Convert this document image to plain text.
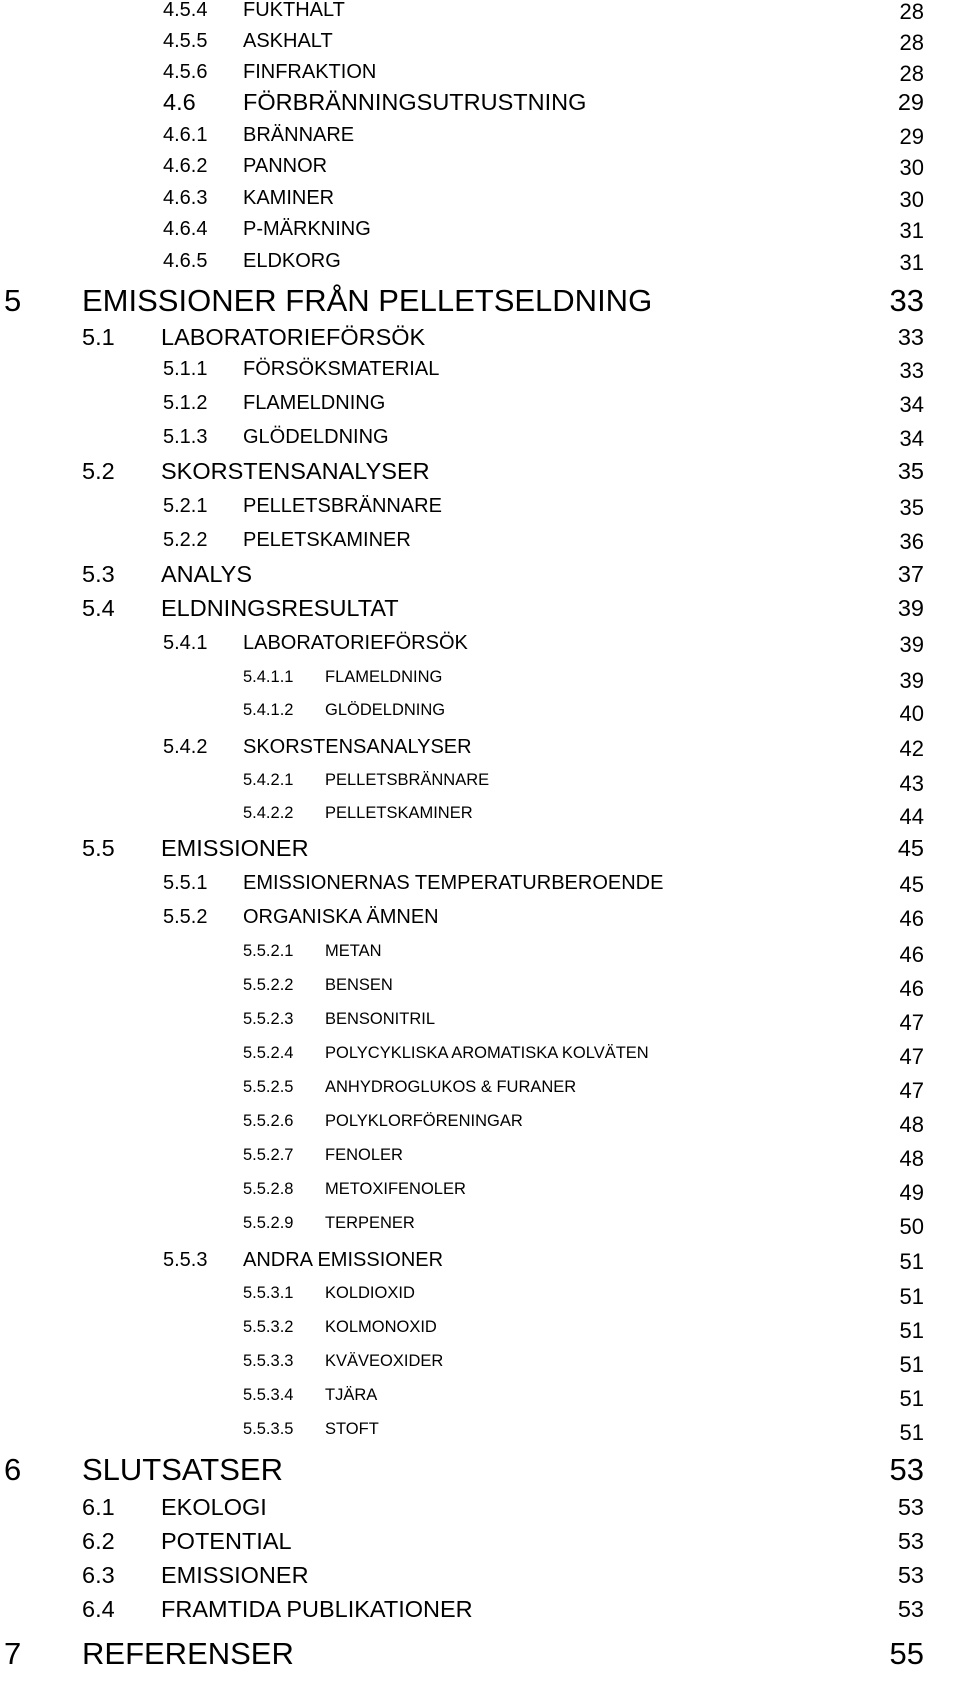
4.5.4 FUKTHALT	28
4.5.5 ASKHALT	28
4.5.6 FINFRAKTION	28
4.6 FÖRBRÄNNINGSUTRUSTNING	29
4.6.1 BRÄNNARE	29
4.6.2 PANNOR	30
4.6.3 KAMINER	30
4.6.4 P-MÄRKNING	31
4.6.5 ELDKORG	31
5 EMISSIONER FRÅN PELLETSELDNING	33
5.1 LABORATORIEFÖRSÖK	33
5.1.1 FÖRSÖKSMATERIAL	33
5.1.2 FLAMELDNING	34
5.1.3 GLÖDELDNING	34
5.2 SKORSTENSANALYSER	35
5.2.1 PELLETSBRÄNNARE	35
5.2.2 PELETSKAMINER	36
5.3 ANALYS	37
5.4 ELDNINGSRESULTAT	39
5.4.1 LABORATORIEFÖRSÖK	39
5.4.1.1 FLAMELDNING	39
5.4.1.2 GLÖDELDNING	40
5.4.2 SKORSTENSANALYSER	42
5.4.2.1 PELLETSBRÄNNARE	43
5.4.2.2 PELLETSKAMINER	44
5.5 EMISSIONER	45
5.5.1 EMISSIONERNAS TEMPERATURBEROENDE	45
5.5.2 ORGANISKA ÄMNEN	46
5.5.2.1 METAN	46
5.5.2.2 BENSEN	46
5.5.2.3 BENSONITRIL	47
5.5.2.4 POLYCYKLISKA AROMATISKA KOLVÄTEN	47
5.5.2.5 ANHYDROGLUKOS & FURANER	47
5.5.2.6 POLYKLORFÖRENINGAR	48
5.5.2.7 FENOLER	48
5.5.2.8 METOXIFENOLER	49
5.5.2.9 TERPENER	50
5.5.3 ANDRA EMISSIONER	51
5.5.3.1 KOLDIOXID	51
5.5.3.2 KOLMONOXID	51
5.5.3.3 KVÄVEOXIDER	51
5.5.3.4 TJÄRA	51
5.5.3.5 STOFT	51
6 SLUTSATSER	53
6.1 EKOLOGI	53
6.2 POTENTIAL	53
6.3 EMISSIONER	53
6.4 FRAMTIDA PUBLIKATIONER	53
7 REFERENSER	55
